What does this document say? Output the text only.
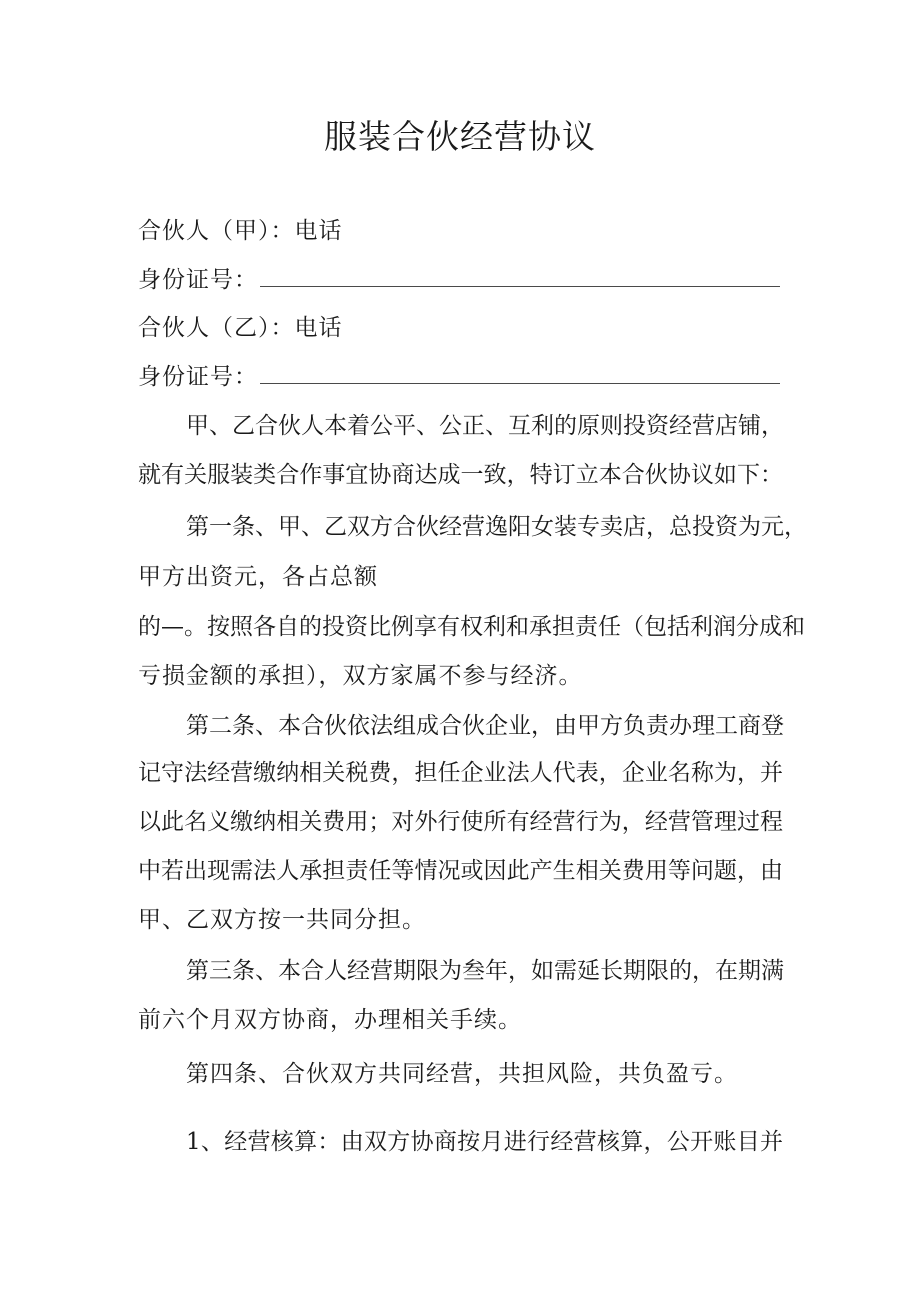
服装合伙经营协议
合伙人（甲）：电话
身份证号：
合伙人（乙）：电话
身份证号：
甲、乙合伙人本着公平、公正、互利的原则投资经营店铺，
就有关服装类合作事宜协商达成一致，特订立本合伙协议如下：
第一条、甲、乙双方合伙经营逸阳女装专卖店，总投资为元，
甲方出资元，各占总额
的—。按照各自的投资比例享有权利和承担责任（包括利润分成和
亏损金额的承担），双方家属不参与经济。
第二条、本合伙依法组成合伙企业，由甲方负责办理工商登
记守法经营缴纳相关税费，担任企业法人代表，企业名称为，并
以此名义缴纳相关费用；对外行使所有经营行为，经营管理过程
中若出现需法人承担责任等情况或因此产生相关费用等问题，由
甲、乙双方按一共同分担。
第三条、本合人经营期限为叁年，如需延长期限的，在期满
前六个月双方协商，办理相关手续。
第四条、合伙双方共同经营，共担风险，共负盈亏。
1、经营核算：由双方协商按月进行经营核算，公开账目并
